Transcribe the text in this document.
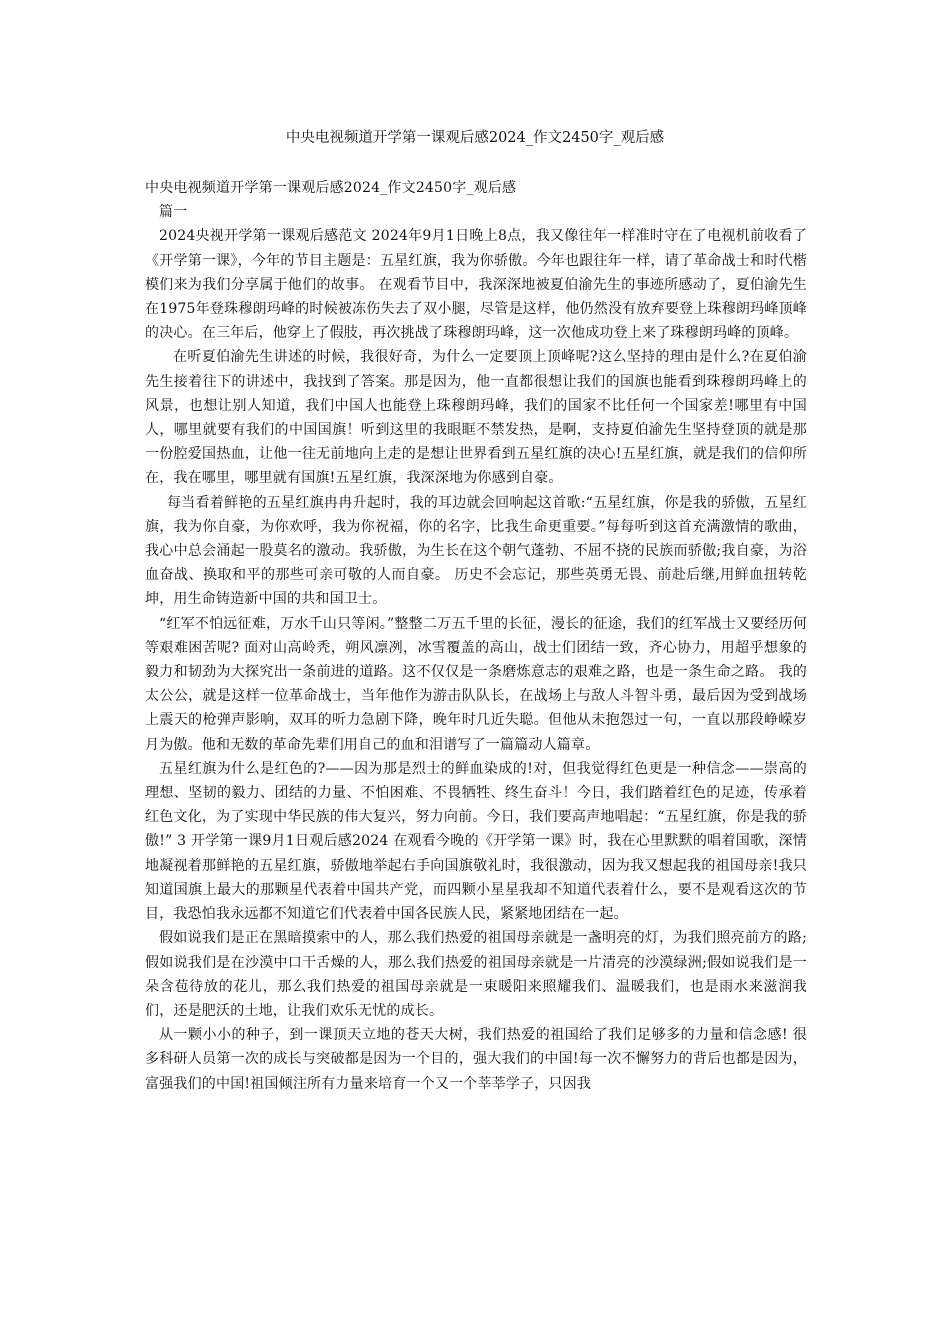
中央电视频道开学第一课观后感2024_作文2450字_观后感

中央电视频道开学第一课观后感2024_作文2450字_观后感

篇一

2024央视开学第一课观后感范文 2024年9月1日晚上8点，我又像往年一样准时守在了电视机前收看了《开学第一课》，今年的节目主题是：五星红旗，我为你骄傲。今年也跟往年一样，请了革命战士和时代楷模们来为我们分享属于他们的故事。 在观看节目中，我深深地被夏伯渝先生的事迹所感动了，夏伯渝先生在1975年登珠穆朗玛峰的时候被冻伤失去了双小腿，尽管是这样，他仍然没有放弃要登上珠穆朗玛峰顶峰的决心。在三年后，他穿上了假肢，再次挑战了珠穆朗玛峰，这一次他成功登上来了珠穆朗玛峰的顶峰。

在听夏伯渝先生讲述的时候，我很好奇，为什么一定要顶上顶峰呢?这么坚持的理由是什么?在夏伯渝先生接着往下的讲述中，我找到了答案。那是因为，他一直都很想让我们的国旗也能看到珠穆朗玛峰上的风景，也想让别人知道，我们中国人也能登上珠穆朗玛峰，我们的国家不比任何一个国家差!哪里有中国人，哪里就要有我们的中国国旗！听到这里的我眼眶不禁发热，是啊，支持夏伯渝先生坚持登顶的就是那一份腔爱国热血，让他一往无前地向上走的是想让世界看到五星红旗的决心!五星红旗，就是我们的信仰所在，我在哪里，哪里就有国旗!五星红旗，我深深地为你感到自豪。

每当看着鲜艳的五星红旗冉冉升起时，我的耳边就会回响起这首歌:“五星红旗，你是我的骄傲，五星红旗，我为你自豪，为你欢呼，我为你祝福，你的名字，比我生命更重要。”每每听到这首充满激情的歌曲，我心中总会涌起一股莫名的激动。我骄傲，为生长在这个朝气蓬勃、不屈不挠的民族而骄傲;我自豪，为浴血奋战、换取和平的那些可亲可敬的人而自豪。 历史不会忘记，那些英勇无畏、前赴后继,用鲜血扭转乾坤，用生命铸造新中国的共和国卫士。

“红军不怕远征难，万水千山只等闲。”整整二万五千里的长征，漫长的征途，我们的红军战士又要经历何等艰难困苦呢? 面对山高岭秃，朔风凛冽，冰雪覆盖的高山，战士们团结一致，齐心协力，用超乎想象的毅力和韧劲为大探究出一条前进的道路。这不仅仅是一条磨炼意志的艰难之路，也是一条生命之路。 我的太公公，就是这样一位革命战士，当年他作为游击队队长，在战场上与敌人斗智斗勇，最后因为受到战场上震天的枪弹声影响，双耳的听力急剧下降，晚年时几近失聪。但他从未抱怨过一句，一直以那段峥嵘岁月为傲。他和无数的革命先辈们用自己的血和泪谱写了一篇篇动人篇章。

五星红旗为什么是红色的?——因为那是烈士的鲜血染成的!对，但我觉得红色更是一种信念——崇高的理想、坚韧的毅力、团结的力量、不怕困难、不畏牺牲、终生奋斗！今日，我们踏着红色的足迹，传承着红色文化，为了实现中华民族的伟大复兴，努力向前。今日，我们要高声地唱起：“五星红旗，你是我的骄傲!” 3 开学第一课9月1日观后感2024 在观看今晚的《开学第一课》时，我在心里默默的唱着国歌，深情地凝视着那鲜艳的五星红旗，骄傲地举起右手向国旗敬礼时，我很激动，因为我又想起我的祖国母亲!我只知道国旗上最大的那颗星代表着中国共产党，而四颗小星星我却不知道代表着什么，要不是观看这次的节目，我恐怕我永远都不知道它们代表着中国各民族人民，紧紧地团结在一起。

假如说我们是正在黑暗摸索中的人，那么我们热爱的祖国母亲就是一盏明亮的灯，为我们照亮前方的路;假如说我们是在沙漠中口干舌燥的人，那么我们热爱的祖国母亲就是一片清亮的沙漠绿洲;假如说我们是一朵含苞待放的花儿，那么我们热爱的祖国母亲就是一束暖阳来照耀我们、温暖我们，也是雨水来滋润我们，还是肥沃的土地，让我们欢乐无忧的成长。

从一颗小小的种子，到一课顶天立地的苍天大树，我们热爱的祖国给了我们足够多的力量和信念感! 很多科研人员第一次的成长与突破都是因为一个目的，强大我们的中国!每一次不懈努力的背后也都是因为，富强我们的中国!祖国倾注所有力量来培育一个又一个莘莘学子，只因我
